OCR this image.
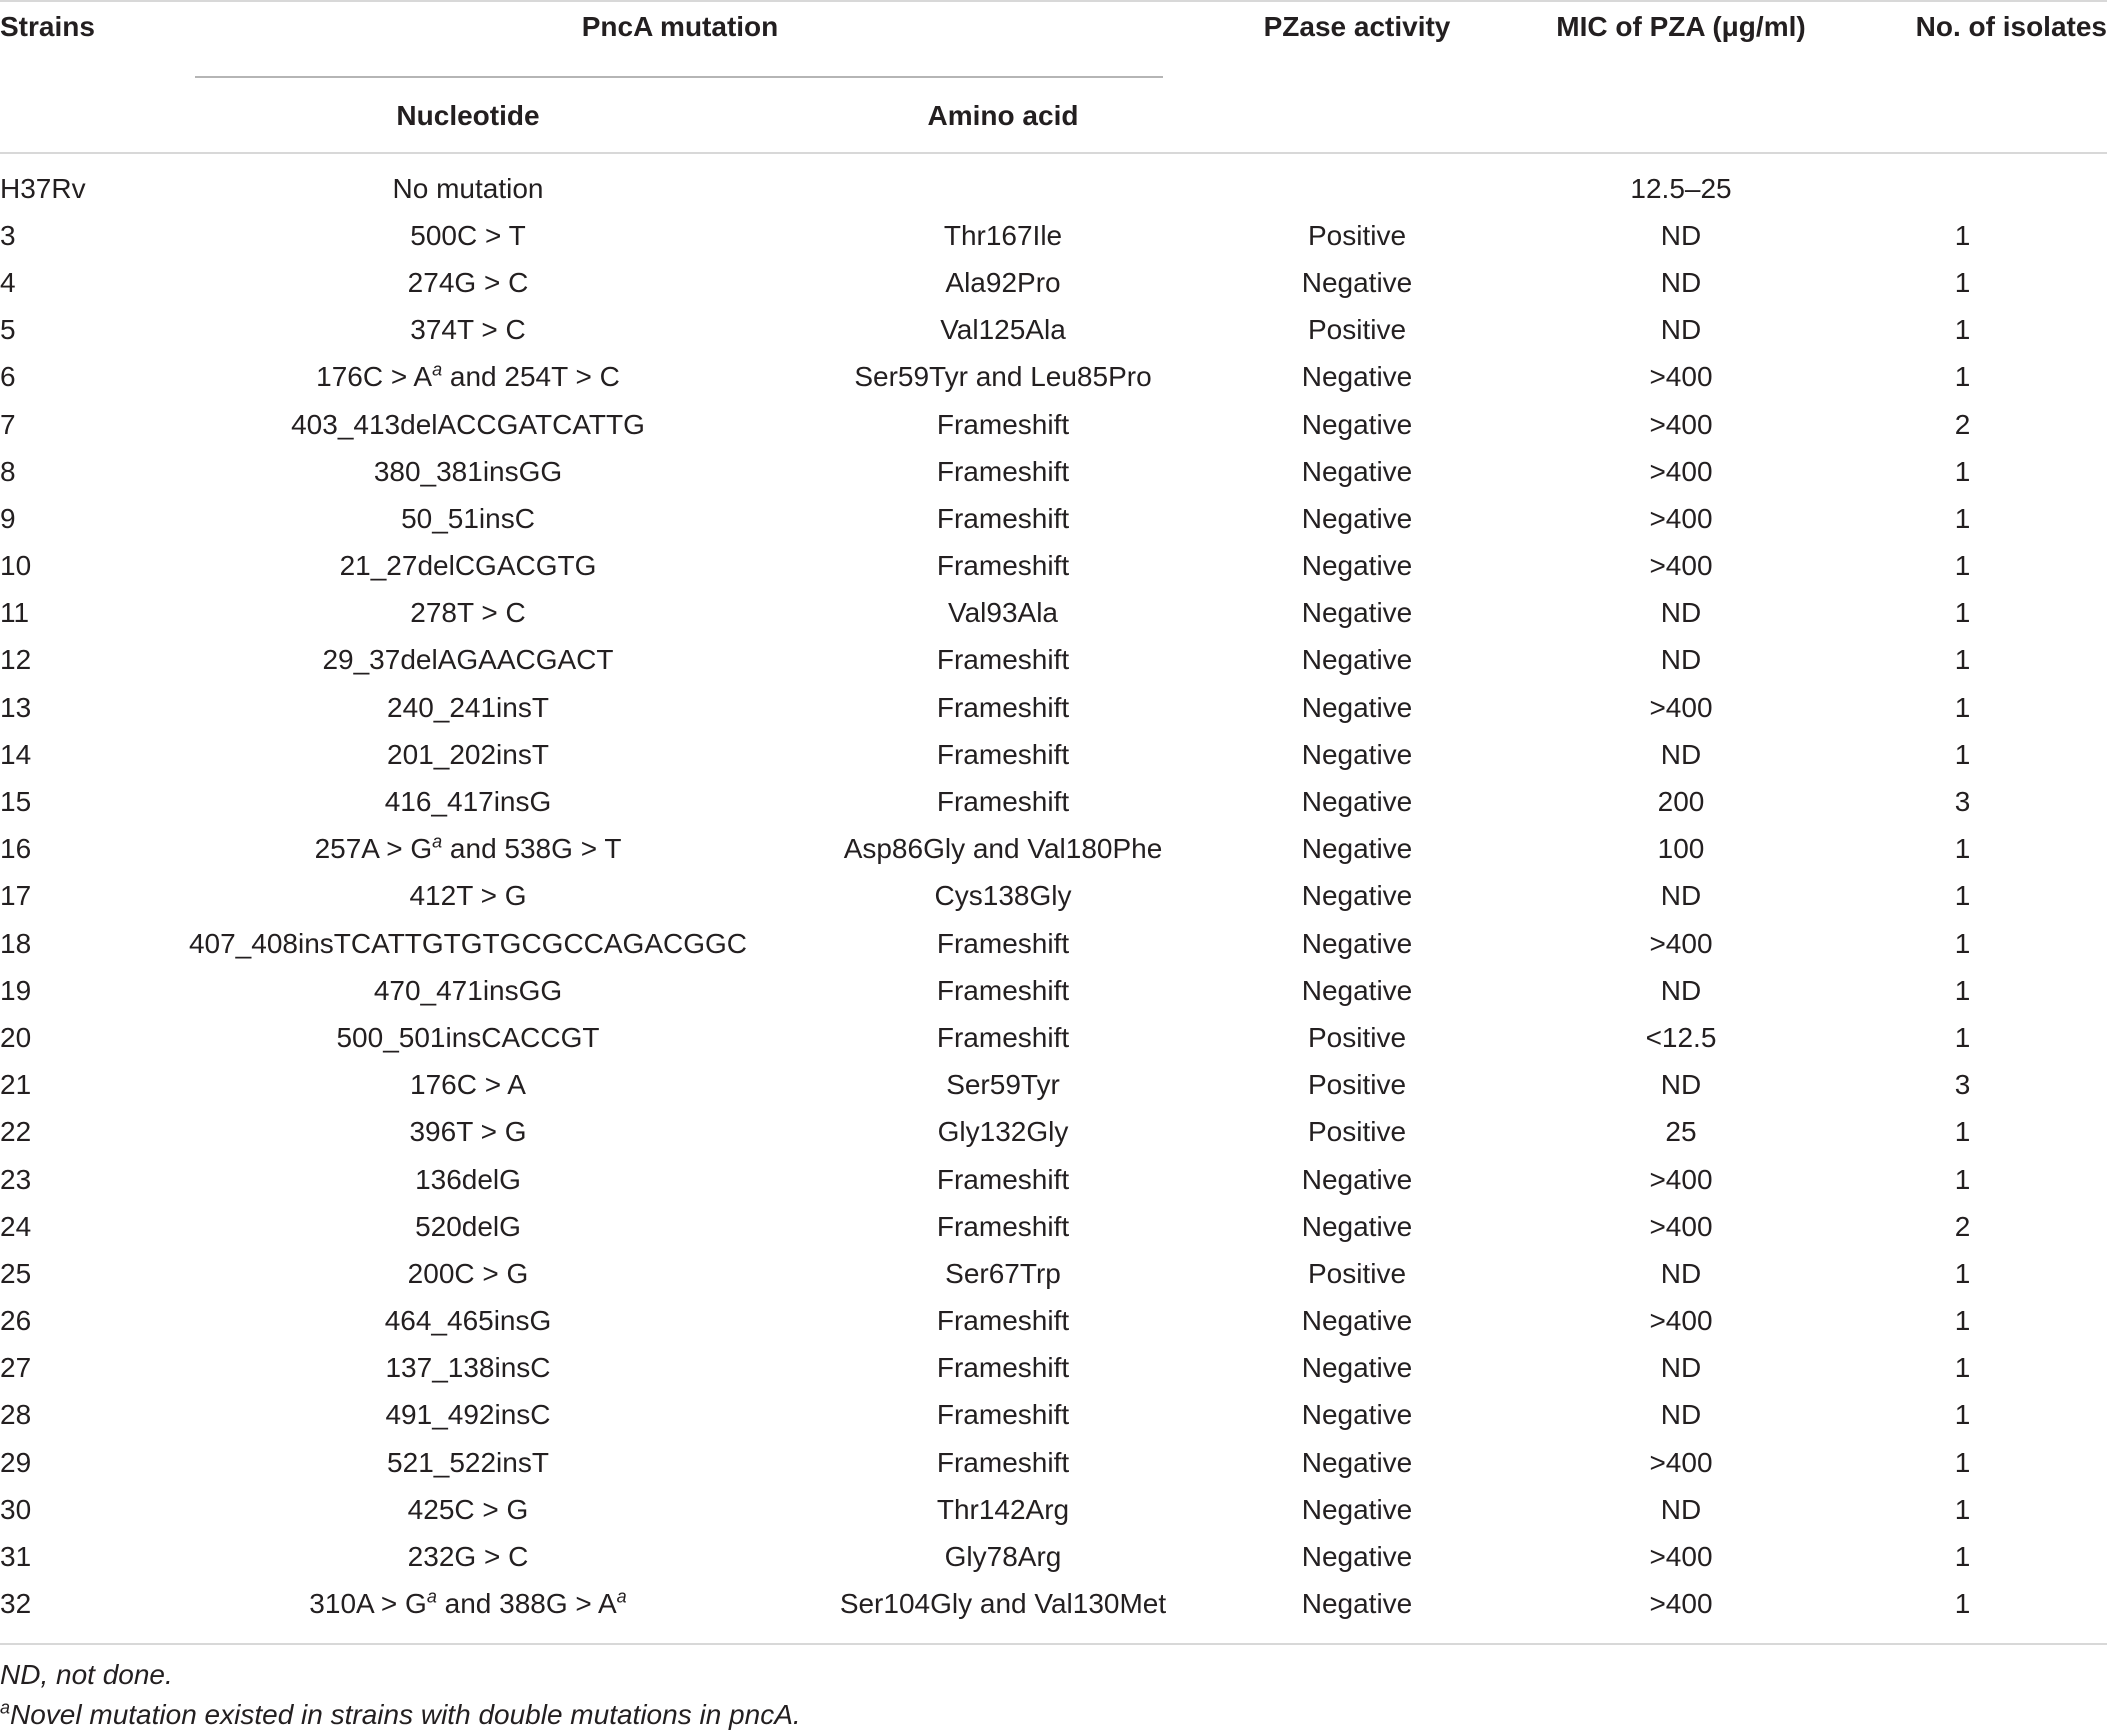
Strains	PncA mutation
Nucleotide	Amino acid
PZase activity	MIC of PZA (μg/ml)	No. of isolates
H37Rv	No mutation			12.5–25	
3	500C > T	Thr167Ile	Positive	ND	1
4	274G > C	Ala92Pro	Negative	ND	1
5	374T > C	Val125Ala	Positive	ND	1
6	$176C > A^a$ and 254T > C	Ser59Tyr and Leu85Pro	Negative	>400	1
7	403_413delACCGATCATTG	Frameshift	Negative	>400	2
8	380_381insGG	Frameshift	Negative	>400	1
9	50_51insC	Frameshift	Negative	>400	1
10	21_27delCGACGTG	Frameshift	Negative	>400	1
11	278T > C	Val93Ala	Negative	ND	1
12	29_37delAGAACGACT	Frameshift	Negative	ND	1
13	240_241insT	Frameshift	Negative	>400	1
14	201_202insT	Frameshift	Negative	ND	1
15	416_417insG	Frameshift	Negative	200	3
16	$257A > G^a$ and 538G > T	Asp86Gly and Val180Phe	Negative	100	1
17	412T > G	Cys138Gly	Negative	ND	1
18	407_408insTCATTGTGTGCGCCAGACGGC	Frameshift	Negative	>400	1
19	470_471insGG	Frameshift	Negative	ND	1
20	500_501insCACCGT	Frameshift	Positive	<12.5	1
21	176C > A	Ser59Tyr	Positive	ND	3
22	396T > G	Gly132Gly	Positive	25	1
23	136delG	Frameshift	Negative	>400	1
24	520delG	Frameshift	Negative	>400	2
25	200C > G	Ser67Trp	Positive	ND	1
26	464_465insG	Frameshift	Negative	>400	1
27	137_138insC	Frameshift	Negative	ND	1
28	491_492insC	Frameshift	Negative	ND	1
29	521_522insT	Frameshift	Negative	>400	1
30	425C > G	Thr142Arg	Negative	ND	1
31	232G > C	Gly78Arg	Negative	>400	1
32	$310A > G^a$ and $388G > A^a$	Ser104Gly and Val130Met	Negative	>400	1
ND, not done.
$^a$Novel mutation existed in strains with double mutations in pncA.
